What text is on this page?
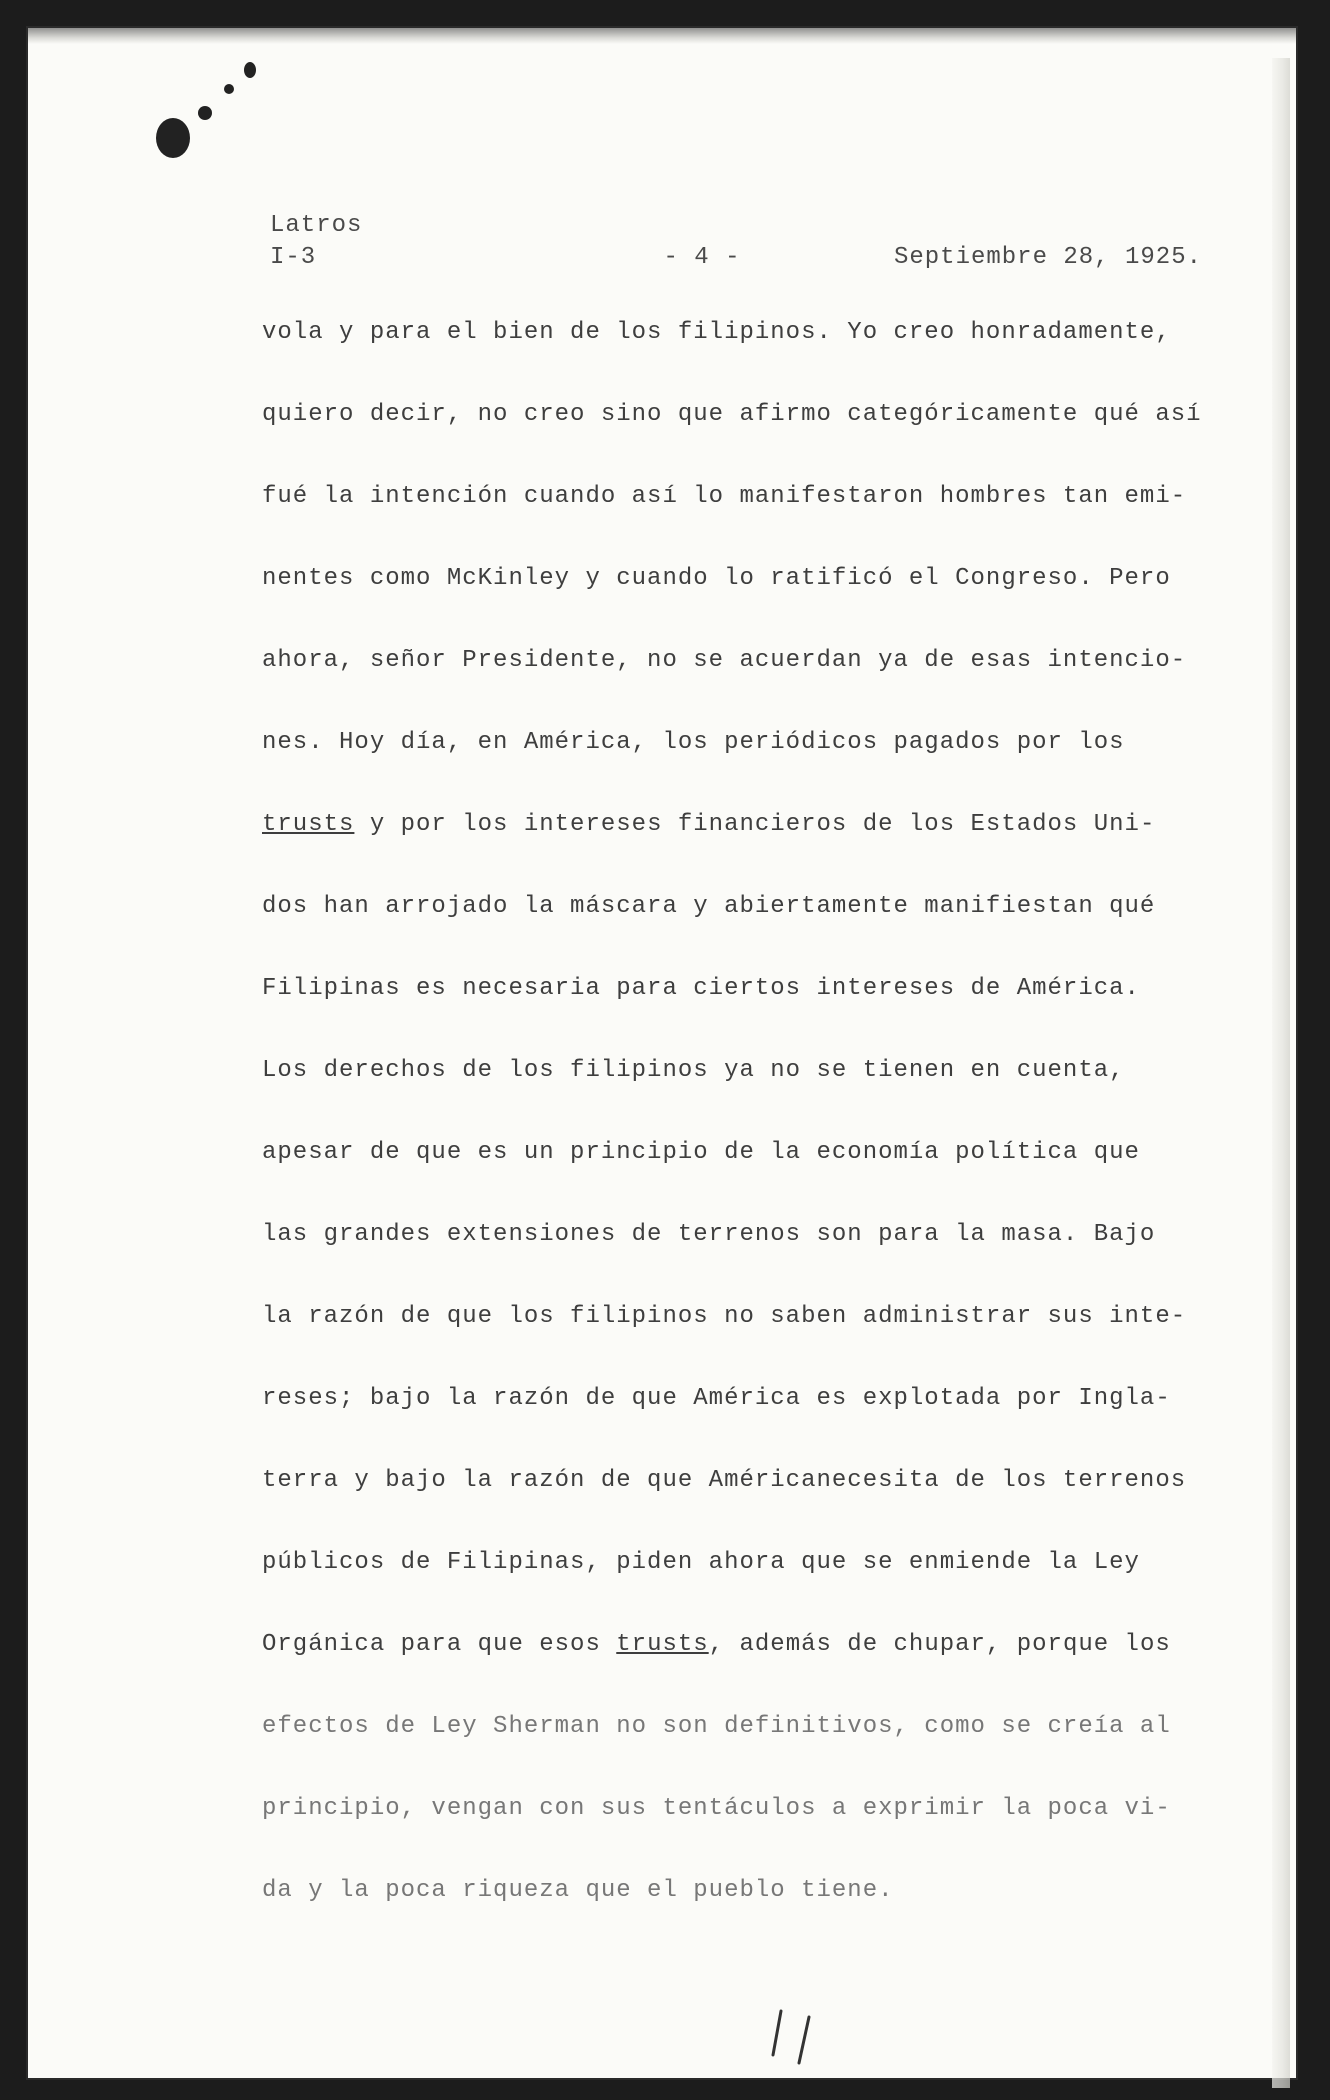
Latros
I-3	- 4 -	Septiembre 28, 1925.
vola y para el bien de los filipinos. Yo creo honradamente,
quiero decir, no creo sino que afirmo categóricamente qué así
fué la intención cuando así lo manifestaron hombres tan emi-
nentes como McKinley y cuando lo ratificó el Congreso. Pero
ahora, señor Presidente, no se acuerdan ya de esas intencio-
nes. Hoy día, en América, los periódicos pagados por los
trusts y por los intereses financieros de los Estados Uni-
dos han arrojado la máscara y abiertamente manifiestan qué
Filipinas es necesaria para ciertos intereses de América.
Los derechos de los filipinos ya no se tienen en cuenta,
apesar de que es un principio de la economía política que
las grandes extensiones de terrenos son para la masa. Bajo
la razón de que los filipinos no saben administrar sus inte-
reses; bajo la razón de que América es explotada por Ingla-
terra y bajo la razón de que Américanecesita de los terrenos
públicos de Filipinas, piden ahora que se enmiende la Ley
Orgánica para que esos trusts, además de chupar, porque los
efectos de Ley Sherman no son definitivos, como se creía al
principio, vengan con sus tentáculos a exprimir la poca vi-
da y la poca riqueza que el pueblo tiene.
